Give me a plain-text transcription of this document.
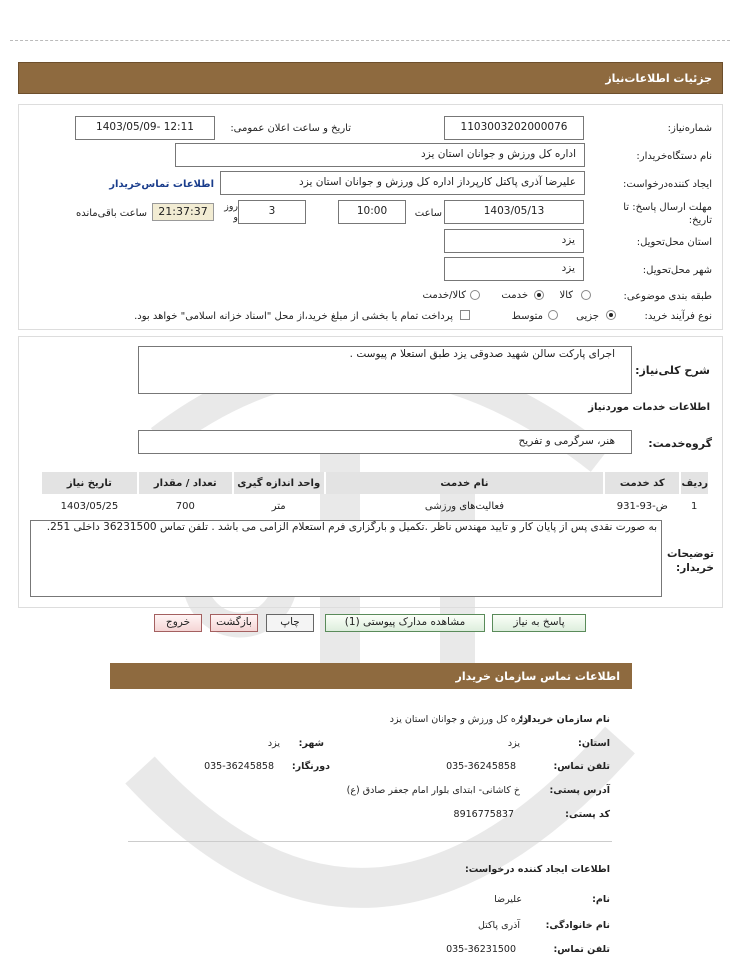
جزئیات اطلاعات‌نیاز
شماره‌نیاز:
1103003202000076
تاریخ و ساعت اعلان عمومی:
1403/05/09- 12:11
نام دستگاه‌خریدار:
اداره کل ورزش و جوانان استان یزد
ایجاد کننده‌درخواست:
علیرضا آذری پاکتل کارپرداز اداره کل ورزش و جوانان استان یزد
اطلاعات تماس‌خریدار
مهلت ارسال پاسخ: تا تاریخ:
1403/05/13
ساعت
10:00
3
روز و
21:37:37
ساعت باقی‌مانده
استان محل‌تحویل:
یزد
شهر محل‌تحویل:
یزد
طبقه بندی موضوعی:
کالا
خدمت
کالا/خدمت
نوع فرآیند خرید:
جزیی
متوسط
پرداخت تمام یا بخشی از مبلغ خرید،از محل "اسناد خزانه اسلامی" خواهد بود.
شرح کلی‌نیاز:
اجرای پارکت سالن شهید صدوقی یزد طبق استعلا م پیوست .
اطلاعات خدمات موردنیاز
گروه‌خدمت:
هنر، سرگرمی و تفریح
ردیف	کد خدمت	نام خدمت	واحد اندازه گیری	تعداد / مقدار	تاریخ نیاز
1	ض-93-931	فعالیت‌های ورزشی	متر	700	1403/05/25
توضیحات خریدار:
به صورت نقدی پس از پایان کار و تایید مهندس ناظر .تکمیل و بارگزاری فرم استعلام الزامی می باشد . تلفن تماس 36231500 داخلی 251.
پاسخ به نیاز
مشاهده مدارک پیوستی (1)
چاپ
بازگشت
خروج
اطلاعات تماس سازمان خریدار
نام سازمان خریدار:
اداره کل ورزش و جوانان استان یزد
استان:
یزد
شهر:
یزد
تلفن تماس:
035-36245858
دورنگار:
035-36245858
آدرس پستی:
خ کاشانی- ابتدای بلوار امام جعفر صادق (ع)
کد پستی:
8916775837
اطلاعات ایجاد کننده درخواست:
نام:
علیرضا
نام خانوادگی:
آذری پاکتل
تلفن تماس:
035-36231500
